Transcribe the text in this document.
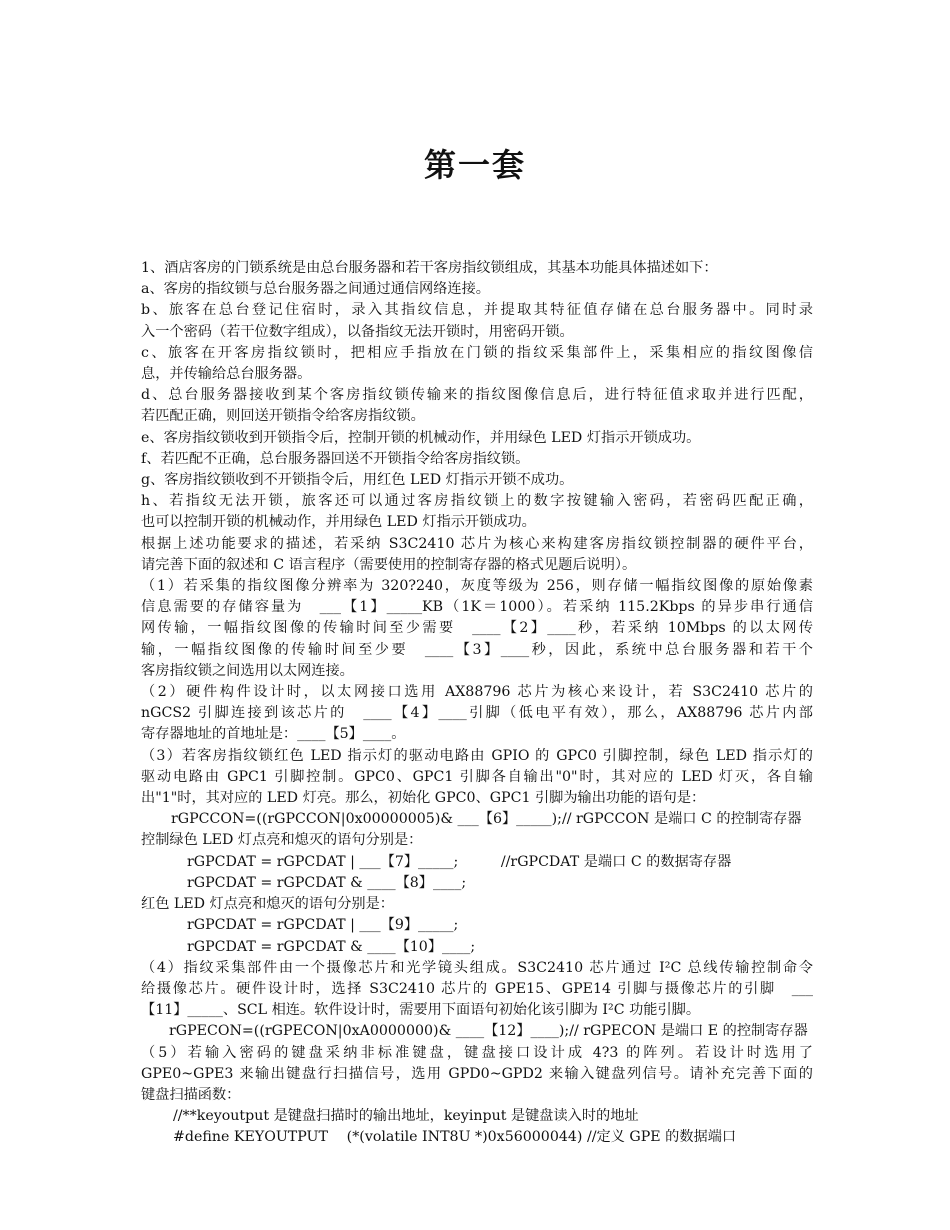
第一套
1、酒店客房的门锁系统是由总台服务器和若干客房指纹锁组成，其基本功能具体描述如下：
a、客房的指纹锁与总台服务器之间通过通信网络连接。
b、旅客在总台登记住宿时，录入其指纹信息，并提取其特征值存储在总台服务器中。同时录
入一个密码（若干位数字组成），以备指纹无法开锁时，用密码开锁。
c、旅客在开客房指纹锁时，把相应手指放在门锁的指纹采集部件上，采集相应的指纹图像信
息，并传输给总台服务器。
d、总台服务器接收到某个客房指纹锁传输来的指纹图像信息后，进行特征值求取并进行匹配，
若匹配正确，则回送开锁指令给客房指纹锁。
e、客房指纹锁收到开锁指令后，控制开锁的机械动作，并用绿色 LED 灯指示开锁成功。
f、若匹配不正确，总台服务器回送不开锁指令给客房指纹锁。
g、客房指纹锁收到不开锁指令后，用红色 LED 灯指示开锁不成功。
h、若指纹无法开锁，旅客还可以通过客房指纹锁上的数字按键输入密码，若密码匹配正确，
也可以控制开锁的机械动作，并用绿色 LED 灯指示开锁成功。
根据上述功能要求的描述，若采纳 S3C2410 芯片为核心来构建客房指纹锁控制器的硬件平台，
请完善下面的叙述和 C 语言程序（需要使用的控制寄存器的格式见题后说明）。
（1）若采集的指纹图像分辨率为 320?240，灰度等级为 256，则存储一幅指纹图像的原始像素
信息需要的存储容量为　___【1】_____KB（1K＝1000）。若采纳 115.2Kbps 的异步串行通信
网传输，一幅指纹图像的传输时间至少需要　____【2】____秒，若采纳 10Mbps 的以太网传
输，一幅指纹图像的传输时间至少要　____【3】____秒，因此，系统中总台服务器和若干个
客房指纹锁之间选用以太网连接。
（2）硬件构件设计时，以太网接口选用 AX88796 芯片为核心来设计，若 S3C2410 芯片的
nGCS2 引脚连接到该芯片的　____【4】____引脚（低电平有效），那么，AX88796 芯片内部
寄存器地址的首地址是：____【5】____。
（3）若客房指纹锁红色 LED 指示灯的驱动电路由 GPIO 的 GPC0 引脚控制，绿色 LED 指示灯的
驱动电路由 GPC1 引脚控制。GPC0、GPC1 引脚各自输出"0"时，其对应的 LED 灯灭，各自输
出"1"时，其对应的 LED 灯亮。那么，初始化 GPC0、GPC1 引脚为输出功能的语句是：
rGPCCON=((rGPCCON|0x00000005)& ___【6】_____);// rGPCCON 是端口 C 的控制寄存器
控制绿色 LED 灯点亮和熄灭的语句分别是：
rGPCDAT = rGPCDAT | ___【7】_____;　　　//rGPCDAT 是端口 C 的数据寄存器
rGPCDAT = rGPCDAT & ____【8】____;
红色 LED 灯点亮和熄灭的语句分别是：
rGPCDAT = rGPCDAT | ___【9】_____;
rGPCDAT = rGPCDAT & ____【10】____;
（4）指纹采集部件由一个摄像芯片和光学镜头组成。S3C2410 芯片通过 I²C 总线传输控制命令
给摄像芯片。硬件设计时，选择 S3C2410 芯片的 GPE15、GPE14 引脚与摄像芯片的引脚　___
【11】_____、SCL 相连。软件设计时，需要用下面语句初始化该引脚为 I²C 功能引脚。
rGPECON=((rGPECON|0xA0000000)& ____【12】____);// rGPECON 是端口 E 的控制寄存器
（5）若输入密码的键盘采纳非标准键盘，键盘接口设计成 4?3 的阵列。若设计时选用了
GPE0~GPE3 来输出键盘行扫描信号，选用 GPD0~GPD2 来输入键盘列信号。请补充完善下面的
键盘扫描函数：
//**keyoutput 是键盘扫描时的输出地址，keyinput 是键盘读入时的地址
#define KEYOUTPUT　 (*(volatile INT8U *)0x56000044) //定义 GPE 的数据端口
